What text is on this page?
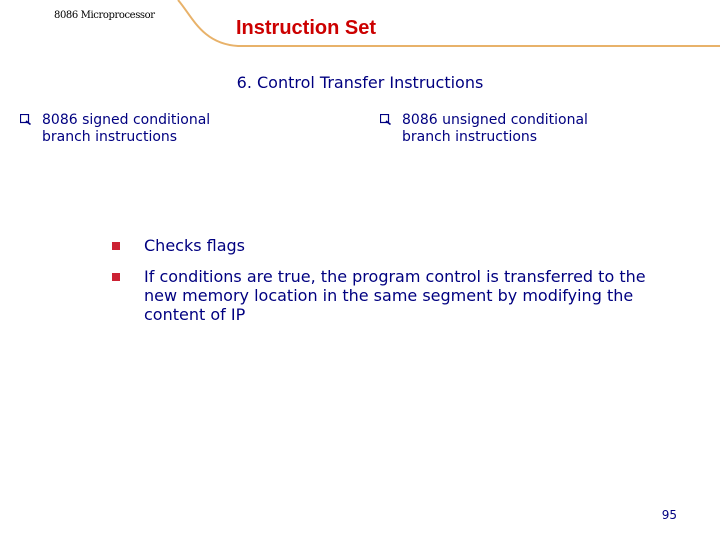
8086 Microprocessor
Instruction Set
6. Control Transfer Instructions
8086 signed conditional
branch instructions
8086 unsigned conditional
branch instructions
Checks flags
If conditions are true, the program control is transferred to the new memory location in the same segment by modifying the content of IP
95
